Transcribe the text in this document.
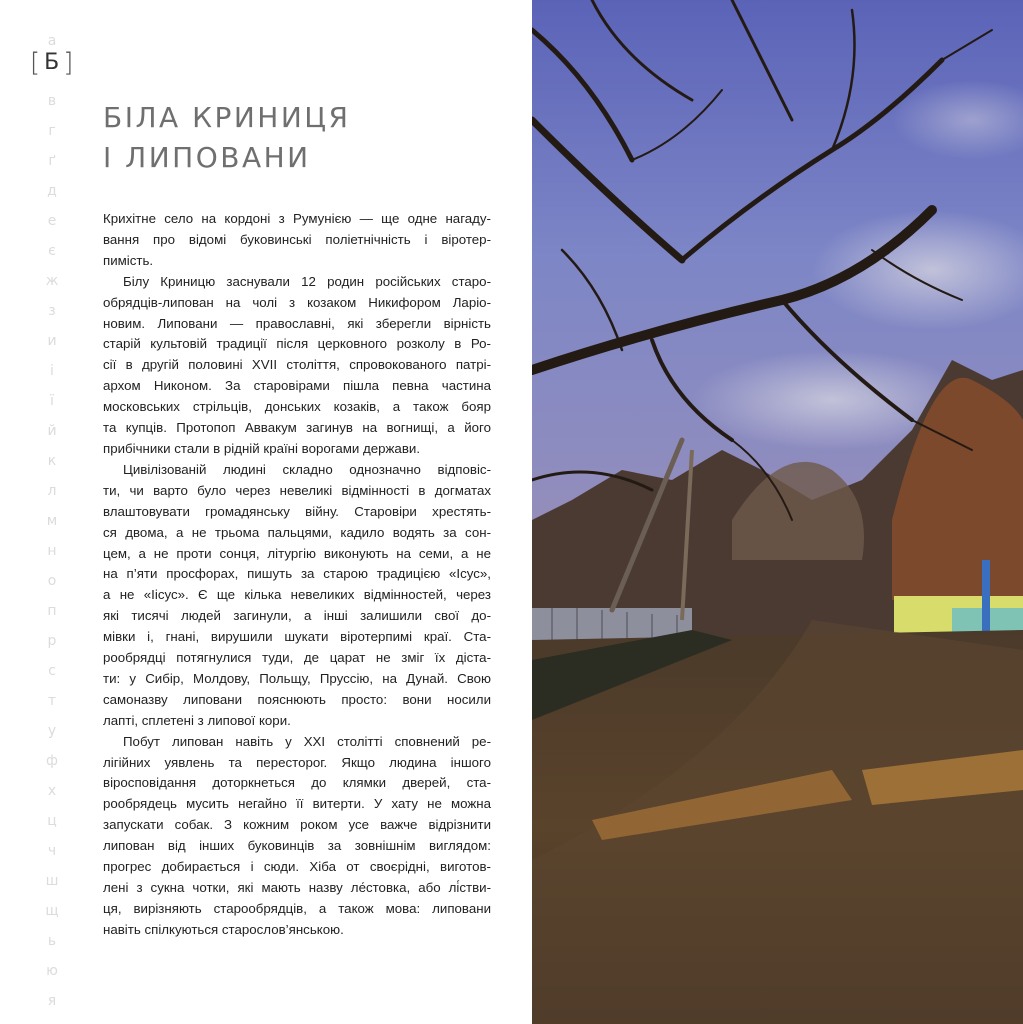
[ Б ]
а
в
г
ґ
д
е
є
ж
з
и
і
ї
й
к
л
м
н
о
п
р
с
т
у
ф
х
ц
ч
ш
щ
ь
ю
я
БІЛА КРИНИЦЯ
І ЛИПОВАНИ

Крихітне село на кордоні з Румунією — ще одне нагаду-
вання про відомі буковинські поліетнічність і віротер-
пимість.

Білу Криницю заснували 12 родин російських старо-
обрядців-липован на чолі з козаком Никифором Ларіо-
новим. Липовани — православні, які зберегли вірність
старій культовій традиції після церковного розколу в Ро-
сії в другій половині XVII століття, спровокованого патрі-
архом Никоном. За старовірами пішла певна частина
московських стрільців, донських козаків, а також бояр
та купців. Протопоп Аввакум загинув на вогнищі, а його
прибічники стали в рідній країні ворогами держави.

Цивілізованій людині складно однозначно відповіс-
ти, чи варто було через невеликі відмінності в догматах
влаштовувати громадянську війну. Старовіри хрестять-
ся двома, а не трьома пальцями, кадило водять за сон-
цем, а не проти сонця, літургію виконують на семи, а не
на п’яти просфорах, пишуть за старою традицією «Ісус»,
а не «Іісус». Є ще кілька невеликих відмінностей, через
які тисячі людей загинули, а інші залишили свої до-
мівки і, гнані, вирушили шукати віротерпимі краї. Ста-
рообрядці потягнулися туди, де царат не зміг їх діста-
ти: у Сибір, Молдову, Польщу, Пруссію, на Дунай. Свою
самоназву липовани пояснюють просто: вони носили
лапті, сплетені з липової кори.

Побут липован навіть у XXI столітті сповнений ре-
лігійних уявлень та пересторог. Якщо людина іншого
віросповідання доторкнеться до клямки дверей, ста-
рообрядець мусить негайно її витерти. У хату не можна
запускати собак. З кожним роком усе важче відрізнити
липован від інших буковинців за зовнішнім виглядом:
прогрес добирається і сюди. Хіба от своєрідні, виготов-
лені з сукна чотки, які мають назву ле́стовка, або лі́стви-
ця, вирізняють старообрядців, а також мова: липовани
навіть спілкуються старослов’янською.
